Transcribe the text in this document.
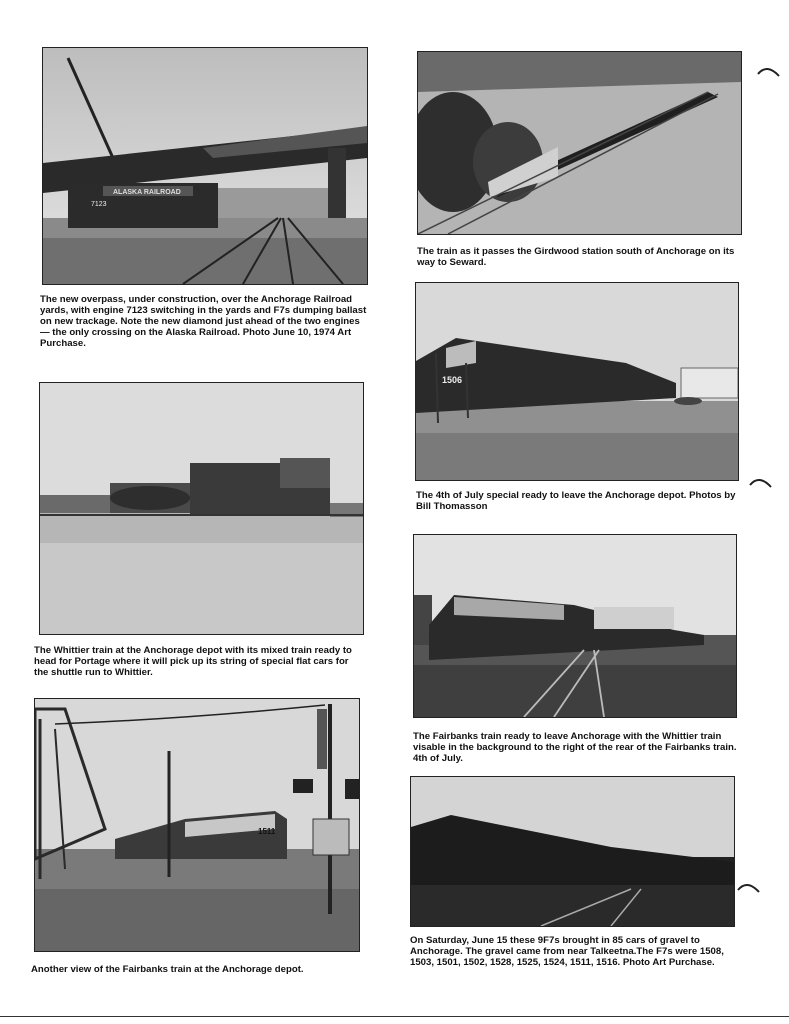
ALASKA RAILROAD
7123
The new overpass, under construction, over the Anchorage Railroad yards, with engine 7123 switching in the yards and F7s dumping ballast on new trackage. Note the new diamond just ahead of the two engines — the only crossing on the Alaska Railroad. Photo June 10, 1974 Art Purchase.
The train as it passes the Girdwood station south of Anchorage on its way to Seward.
1506
The 4th of July special ready to leave the Anchorage depot. Photos by Bill Thomasson
The Whittier train at the Anchorage depot with its mixed train ready to head for Portage where it will pick up its string of special flat cars for the shuttle run to Whittier.
The Fairbanks train ready to leave Anchorage with the Whittier train visable in the background to the right of the rear of the Fairbanks train. 4th of July.
1511
Another view of the Fairbanks train at the Anchorage depot.
On Saturday, June 15 these 9F7s brought in 85 cars of gravel to Anchorage. The gravel came from near Talkeetna.The F7s were 1508, 1503, 1501, 1502, 1528, 1525, 1524, 1511, 1516. Photo Art Purchase.
